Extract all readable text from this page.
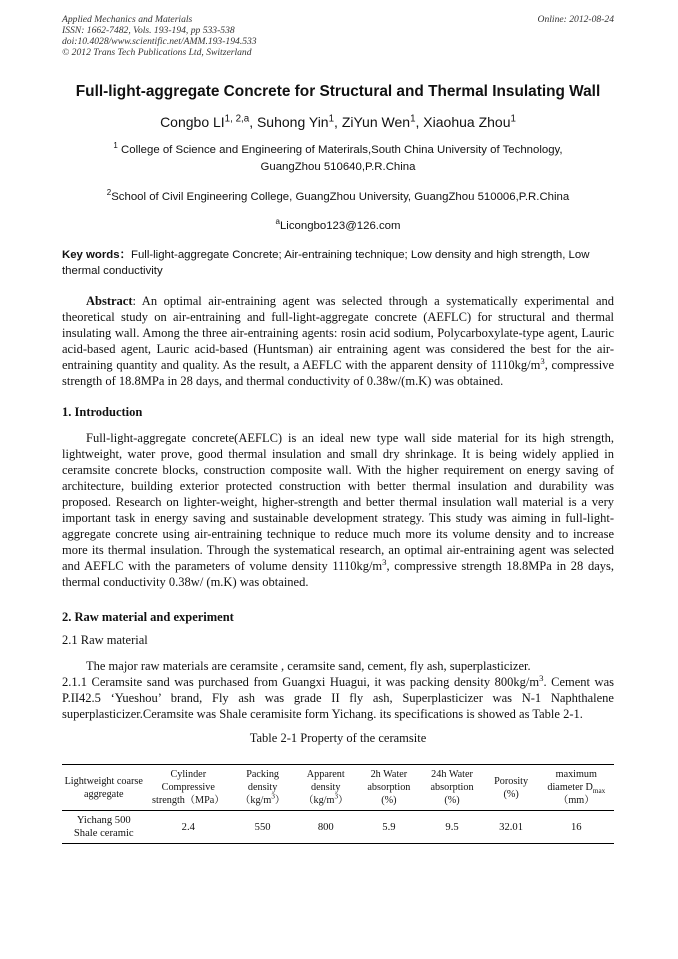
Applied Mechanics and Materials
ISSN: 1662-7482, Vols. 193-194, pp 533-538
doi:10.4028/www.scientific.net/AMM.193-194.533
© 2012 Trans Tech Publications Ltd, Switzerland
Online: 2012-08-24
Full-light-aggregate Concrete for Structural and Thermal Insulating Wall
Congbo LI$^{1, 2,a}$, Suhong Yin$^1$, ZiYun Wen$^1$, Xiaohua Zhou$^1$
$^1$ College of Science and Engineering of Materirals,South China University of Technology, GuangZhou 510640,P.R.China
$^2$School of Civil Engineering College, GuangZhou University, GuangZhou 510006,P.R.China
$^a$Licongbo123@126.com
Key words：Full-light-aggregate Concrete; Air-entraining technique; Low density and high strength, Low thermal conductivity
Abstract: An optimal air-entraining agent was selected through a systematically experimental and theoretical study on air-entraining and full-light-aggregate concrete (AEFLC) for structural and thermal insulating wall. Among the three air-entraining agents: rosin acid sodium, Polycarboxylate-type agent, Lauric acid-based agent, Lauric acid-based (Huntsman) air entraining agent was considered the best for the air-entraining quantity and quality. As the result, a AEFLC with the apparent density of $1110kg/m^3$, compressive strength of 18.8MPa in 28 days, and thermal conductivity of 0.38w/(m.K) was obtained.
1. Introduction
Full-light-aggregate concrete(AEFLC) is an ideal new type wall side material for its high strength, lightweight, water prove, good thermal insulation and small dry shrinkage. It is being widely applied in ceramsite concrete blocks, construction composite wall. With the higher requirement on energy saving of architecture, building exterior protected construction with better thermal insulation and durability was proposed. Research on lighter-weight, higher-strength and better thermal insulation wall material is a very important task in energy saving and sustainable development strategy. This study was aiming in full-light-aggregate concrete using air-entraining technique to reduce much more its volume density and to increase more its thermal insulation. Through the systematical research, an optimal air-entraining agent was selected and AEFLC with the parameters of volume density $1110kg/m^3$, compressive strength 18.8MPa in 28 days, thermal conductivity 0.38w/ (m.K) was obtained.
2. Raw material and experiment
2.1 Raw material
The major raw materials are ceramsite , ceramsite sand, cement, fly ash, superplasticizer.
2.1.1 Ceramsite sand was purchased from Guangxi Huagui, it was packing density $800kg/m^3$. Cement was P.II42.5 ‘Yueshou’ brand, Fly ash was grade II fly ash, Superplasticizer was N-1 Naphthalene superplasticizer.Ceramsite was Shale ceramisite form Yichang. its specifications is showed as Table 2-1.
Table 2-1 Property of the ceramsite
Lightweight coarse aggregate	Cylinder Compressive strength（MPa）	Packing density $(kg/m^3)$	Apparent density $(kg/m^3)$	2h Water absorption (%)	24h Water absorption (%)	Porosity (%)	maximum diameter $D_{max}(mm)$
Yichang 500 Shale ceramic	2.4	550	800	5.9	9.5	32.01	16
